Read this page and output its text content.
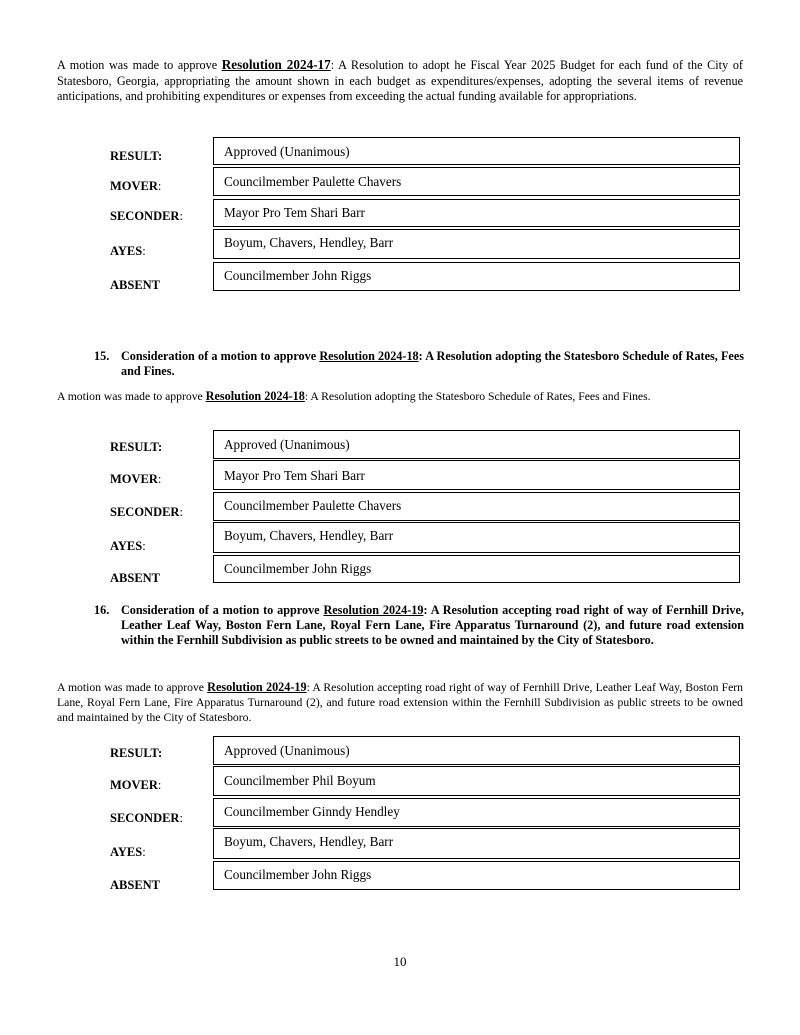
A motion was made to approve Resolution 2024-17: A Resolution to adopt he Fiscal Year 2025 Budget for each fund of the City of Statesboro, Georgia, appropriating the amount shown in each budget as expenditures/expenses, adopting the several items of revenue anticipations, and prohibiting expenditures or expenses from exceeding the actual funding available for appropriations.

RESULT:	Approved (Unanimous)
MOVER:	Councilmember Paulette Chavers
SECONDER:	Mayor Pro Tem Shari Barr
AYES:
Boyum, Chavers, Hendley, Barr
ABSENT
Councilmember John Riggs

15. Consideration of a motion to approve Resolution 2024-18: A Resolution adopting the Statesboro Schedule of Rates, Fees and Fines.

A motion was made to approve Resolution 2024-18: A Resolution adopting the Statesboro Schedule of Rates, Fees and Fines.

RESULT:	Approved (Unanimous)
MOVER:	Mayor Pro Tem Shari Barr
SECONDER:	Councilmember Paulette Chavers
AYES:
Boyum, Chavers, Hendley, Barr
ABSENT
Councilmember John Riggs

16. Consideration of a motion to approve Resolution 2024-19: A Resolution accepting road right of way of Fernhill Drive, Leather Leaf Way, Boston Fern Lane, Royal Fern Lane, Fire Apparatus Turnaround (2), and future road extension within the Fernhill Subdivision as public streets to be owned and maintained by the City of Statesboro.

A motion was made to approve Resolution 2024-19: A Resolution accepting road right of way of Fernhill Drive, Leather Leaf Way, Boston Fern Lane, Royal Fern Lane, Fire Apparatus Turnaround (2), and future road extension within the Fernhill Subdivision as public streets to be owned and maintained by the City of Statesboro.

RESULT:	Approved (Unanimous)
MOVER:	Councilmember Phil Boyum
SECONDER:	Councilmember Ginndy Hendley
AYES:
Boyum, Chavers, Hendley, Barr
ABSENT
Councilmember John Riggs
10
